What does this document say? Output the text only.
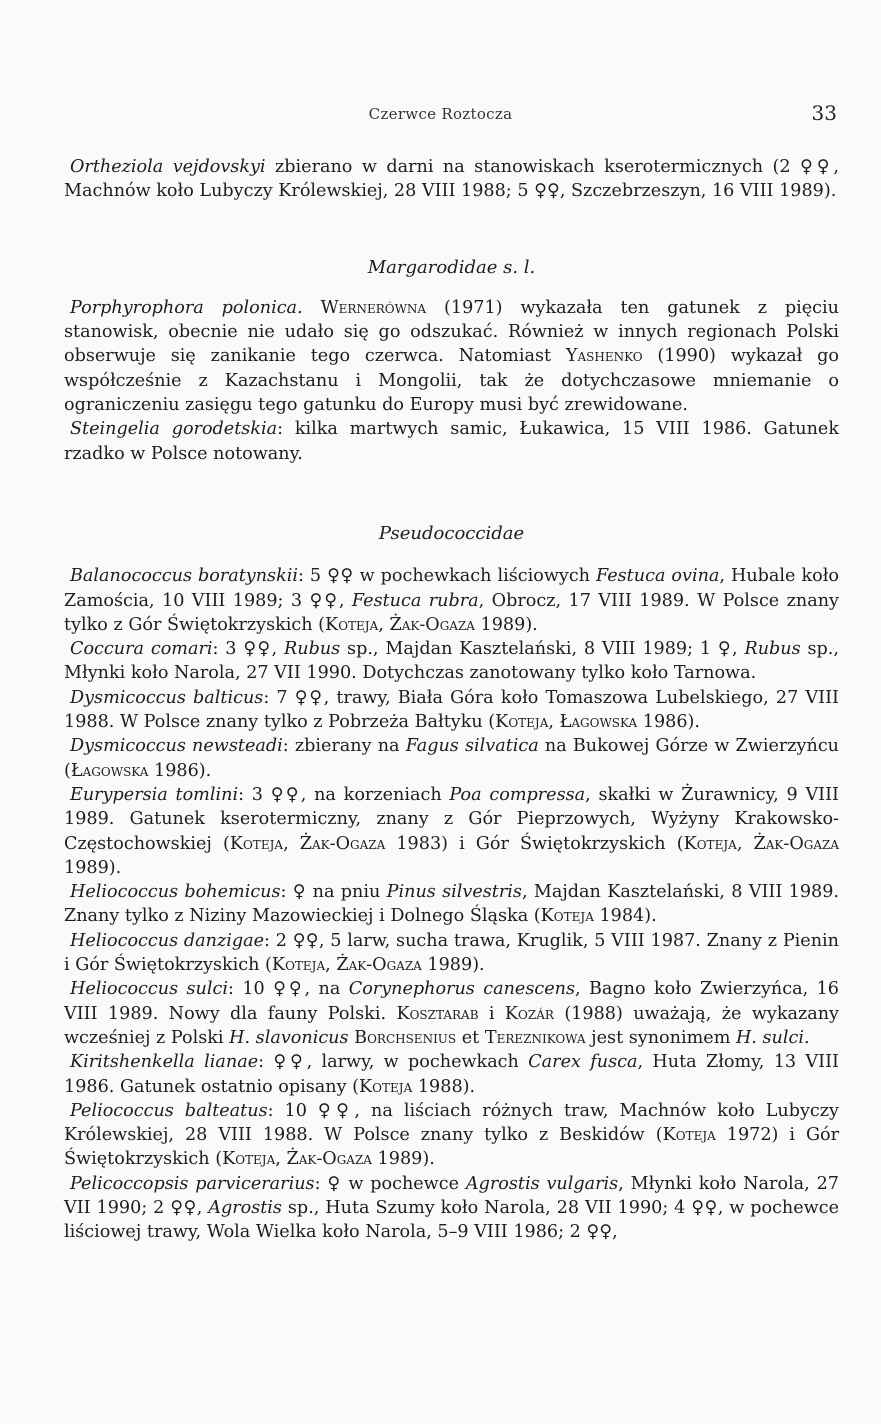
Czerwce Roztocza	33

Ortheziola vejdovskyi zbierano w darni na stanowiskach kserotermicznych (2 ♀♀, Machnów koło Lubyczy Królewskiej, 28 VIII 1988; 5 ♀♀, Szczebrzeszyn, 16 VIII 1989).

Margarodidae s. l.

Porphyrophora polonica. Wernerówna (1971) wykazała ten gatunek z pięciu stanowisk, obecnie nie udało się go odszukać. Również w innych regionach Polski obserwuje się zanikanie tego czerwca. Natomiast Yashenko (1990) wykazał go współcześnie z Kazachstanu i Mongolii, tak że dotychczasowe mniemanie o ograniczeniu zasięgu tego gatunku do Europy musi być zrewidowane.

Steingelia gorodetskia: kilka martwych samic, Łukawica, 15 VIII 1986. Gatunek rzadko w Polsce notowany.

Pseudococcidae

Balanococcus boratynskii: 5 ♀♀ w pochewkach liściowych Festuca ovina, Hubale koło Zamościa, 10 VIII 1989; 3 ♀♀, Festuca rubra, Obrocz, 17 VIII 1989. W Polsce znany tylko z Gór Świętokrzyskich (Koteja, Żak-Ogaza 1989).

Coccura comari: 3 ♀♀, Rubus sp., Majdan Kasztelański, 8 VIII 1989; 1 ♀, Rubus sp., Młynki koło Narola, 27 VII 1990. Dotychczas zanotowany tylko koło Tarnowa.

Dysmicoccus balticus: 7 ♀♀, trawy, Biała Góra koło Tomaszowa Lubelskiego, 27 VIII 1988. W Polsce znany tylko z Pobrzeża Bałtyku (Koteja, Łagowska 1986).

Dysmicoccus newsteadi: zbierany na Fagus silvatica na Bukowej Górze w Zwierzyńcu (Łagowska 1986).

Eurypersia tomlini: 3 ♀♀, na korzeniach Poa compressa, skałki w Żurawnicy, 9 VIII 1989. Gatunek kserotermiczny, znany z Gór Pieprzowych, Wyżyny Krakowsko-Częstochowskiej (Koteja, Żak-Ogaza 1983) i Gór Świętokrzyskich (Koteja, Żak-Ogaza 1989).

Heliococcus bohemicus: ♀ na pniu Pinus silvestris, Majdan Kasztelański, 8 VIII 1989. Znany tylko z Niziny Mazowieckiej i Dolnego Śląska (Koteja 1984).

Heliococcus danzigae: 2 ♀♀, 5 larw, sucha trawa, Kruglik, 5 VIII 1987. Znany z Pienin i Gór Świętokrzyskich (Koteja, Żak-Ogaza 1989).

Heliococcus sulci: 10 ♀♀, na Corynephorus canescens, Bagno koło Zwierzyńca, 16 VIII 1989. Nowy dla fauny Polski. Kosztarab i Kozár (1988) uważają, że wykazany wcześniej z Polski H. slavonicus Borchsenius et Tereznikowa jest synonimem H. sulci.

Kiritshenkella lianae: ♀♀, larwy, w pochewkach Carex fusca, Huta Złomy, 13 VIII 1986. Gatunek ostatnio opisany (Koteja 1988).

Peliococcus balteatus: 10 ♀♀, na liściach różnych traw, Machnów koło Lubyczy Królewskiej, 28 VIII 1988. W Polsce znany tylko z Beskidów (Koteja 1972) i Gór Świętokrzyskich (Koteja, Żak-Ogaza 1989).

Pelicoccopsis parvicerarius: ♀ w pochewce Agrostis vulgaris, Młynki koło Narola, 27 VII 1990; 2 ♀♀, Agrostis sp., Huta Szumy koło Narola, 28 VII 1990; 4 ♀♀, w pochewce liściowej trawy, Wola Wielka koło Narola, 5–9 VIII 1986; 2 ♀♀,
